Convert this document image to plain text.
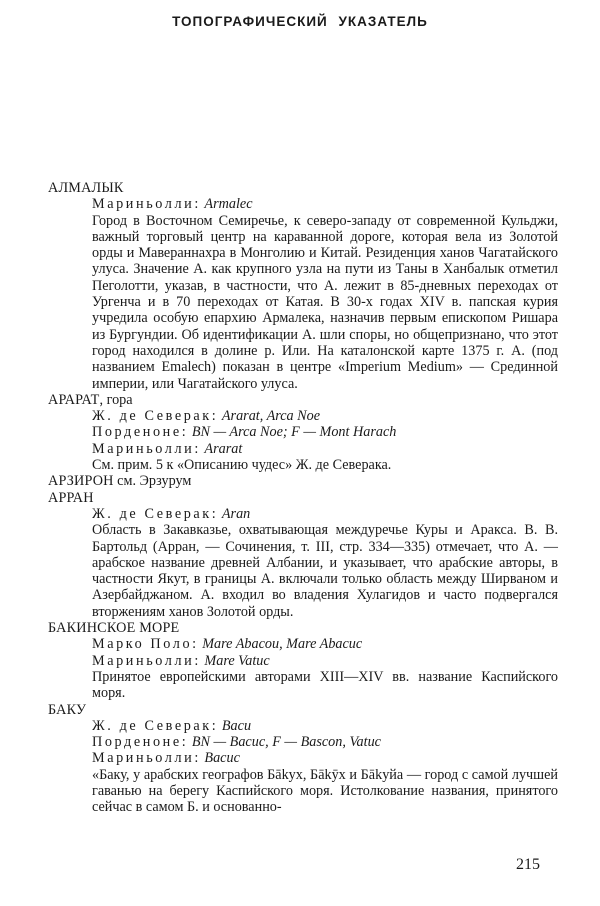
ТОПОГРАФИЧЕСКИЙ УКАЗАТЕЛЬ
АЛМАЛЫК
Мариньолли: Armalec
Город в Восточном Семиречье, к северо-западу от современной Кульджи, важный торговый центр на караванной дороге, которая вела из Золотой орды и Мавераннахра в Монголию и Китай. Резиденция ханов Чагатайского улуса. Значение А. как крупного узла на пути из Таны в Ханбалык отметил Пеголотти, указав, в частности, что А. лежит в 85-дневных переходах от Ургенча и в 70 переходах от Катая. В 30-х годах XIV в. папская курия учредила особую епархию Армалека, назначив первым епископом Ришара из Бургундии. Об идентификации А. шли споры, но общепризнано, что этот город находился в долине р. Или. На каталонской карте 1375 г. А. (под названием Emalech) показан в центре «Imperium Medium» — Срединной империи, или Чагатайского улуса.
АРАРАТ, гора
Ж. де Северак: Ararat, Arca Noe
Порденоне: BN — Arca Noe; F — Mont Harach
Мариньолли: Ararat
См. прим. 5 к «Описанию чудес» Ж. де Северака.
АРЗИРОН см. Эрзурум
АРРАН
Ж. де Северак: Aran
Область в Закавказье, охватывающая междуречье Куры и Аракса. В. В. Бартольд (Арран, — Сочинения, т. III, стр. 334—335) отмечает, что А. — арабское название древней Албании, и указывает, что арабские авторы, в частности Якут, в границы А. включали только область между Ширваном и Азербайджаном. А. входил во владения Хулагидов и часто подвергался вторжениям ханов Золотой орды.
БАКИНСКОЕ МОРЕ
Марко Поло: Mare Abacou, Mare Abacuc
Мариньолли: Mare Vatuc
Принятое европейскими авторами XIII—XIV вв. название Каспийского моря.
БАКУ
Ж. де Северак: Baсu
Порденоне: BN — Bacuc, F — Bascon, Vatuc
Мариньолли: Bacuc
«Баку, у арабских географов Бākух, Бākӯх и Бākуйа — город с самой лучшей гаванью на берегу Каспийского моря. Истолкование названия, принятого сейчас в самом Б. и основанно-
215
